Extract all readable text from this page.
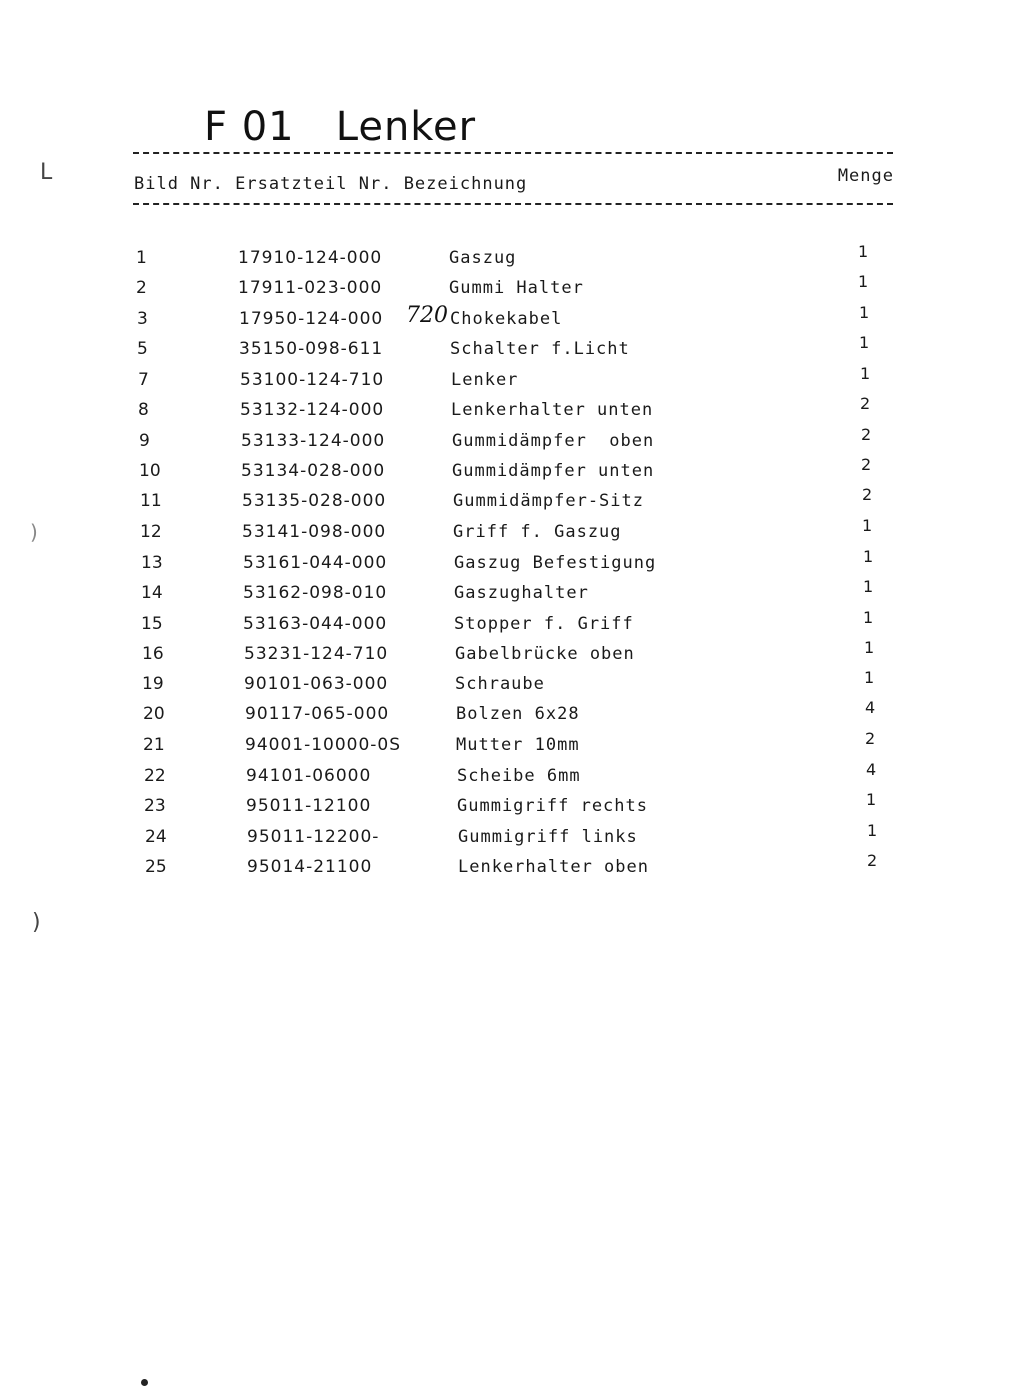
F 01   Lenker
Bild Nr. Ersatzteil Nr. Bezeichnung	Menge
L
)
)
1	17910-124-000	Gaszug	1
2	17911-023-000	Gummi Halter	1
3	17950-124-000 720 Chokekabel	1
5	35150-098-611	Schalter f.Licht	1
7	53100-124-710	Lenker	1
8	53132-124-000	Lenkerhalter unten	2
9	53133-124-000	Gummidämpfer  oben	2
10	53134-028-000	Gummidämpfer unten	2
11	53135-028-000	Gummidämpfer-Sitz	2
12	53141-098-000	Griff f. Gaszug	1
13	53161-044-000	Gaszug Befestigung	1
14	53162-098-010	Gaszughalter	1
15	53163-044-000	Stopper f. Griff	1
16	53231-124-710	Gabelbrücke oben	1
19	90101-063-000	Schraube	1
20	90117-065-000	Bolzen 6x28	4
21	94001-10000-0S	Mutter 10mm	2
22	94101-06000	Scheibe 6mm	4
23	95011-12100	Gummigriff rechts	1
24	95011-12200-	Gummigriff links	1
25	95014-21100	Lenkerhalter oben	2
